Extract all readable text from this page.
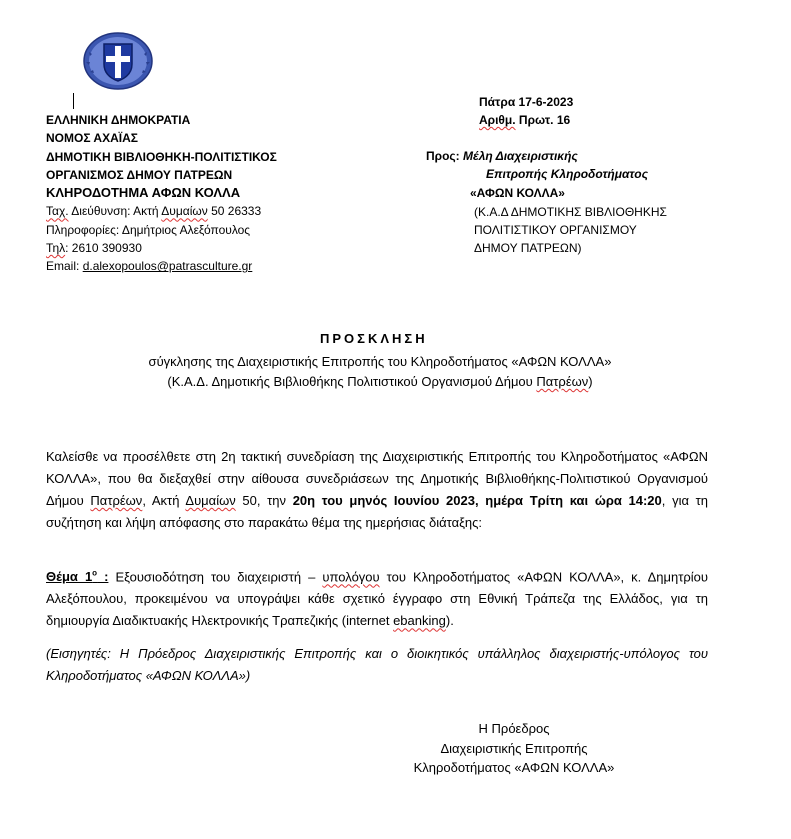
ΕΛΛΗΝΙΚΗ ΔΗΜΟΚΡΑΤΙΑ
ΝΟΜΟΣ ΑΧΑΪΑΣ
ΔΗΜΟΤΙΚΗ ΒΙΒΛΙΟΘΗΚΗ-ΠΟΛΙΤΙΣΤΙΚΟΣ
ΟΡΓΑΝΙΣΜΟΣ ΔΗΜΟΥ ΠΑΤΡΕΩΝ
ΚΛΗΡΟΔΟΤΗΜΑ ΑΦΩΝ ΚΟΛΛΑ
Ταχ. Διεύθυνση: Ακτή Δυμαίων 50 26333
Πληροφορίες: Δημήτριος Αλεξόπουλος
Τηλ: 2610 390930
Email: d.alexopoulos@patrasculture.gr
Πάτρα 17-6-2023
Αριθμ. Πρωτ. 16
Προς: Μέλη Διαχειριστικής
Επιτροπής Κληροδοτήματος
«ΑΦΩΝ ΚΟΛΛΑ»
(Κ.Α.Δ ΔΗΜΟΤΙΚΗΣ ΒΙΒΛΙΟΘΗΚΗΣ
ΠΟΛΙΤΙΣΤΙΚΟΥ ΟΡΓΑΝΙΣΜΟΥ
ΔΗΜΟΥ ΠΑΤΡΕΩΝ)
ΠΡΟΣΚΛΗΣΗ
σύγκλησης της Διαχειριστικής Επιτροπής του Κληροδοτήματος «ΑΦΩΝ ΚΟΛΛΑ»
(Κ.Α.Δ. Δημοτικής Βιβλιοθήκης Πολιτιστικού Οργανισμού Δήμου Πατρέων)
Καλείσθε να προσέλθετε στη 2η τακτική συνεδρίαση της Διαχειριστικής Επιτροπής του Κληροδοτήματος «ΑΦΩΝ ΚΟΛΛΑ», που θα διεξαχθεί στην αίθουσα συνεδριάσεων της Δημοτικής Βιβλιοθήκης-Πολιτιστικού Οργανισμού Δήμου Πατρέων, Ακτή Δυμαίων 50, την 20η του μηνός Ιουνίου 2023, ημέρα Τρίτη και ώρα 14:20, για τη συζήτηση και λήψη απόφασης στο παρακάτω θέμα της ημερήσιας διάταξης:
Θέμα $1^o$ : Εξουσιοδότηση του διαχειριστή – υπολόγου του Κληροδοτήματος «ΑΦΩΝ ΚΟΛΛΑ», κ. Δημητρίου Αλεξόπουλου, προκειμένου να υπογράψει κάθε σχετικό έγγραφο στη Εθνική Τράπεζα της Ελλάδος, για τη δημιουργία Διαδικτυακής Ηλεκτρονικής Τραπεζικής (internet ebanking).
(Εισηγητές: Η Πρόεδρος Διαχειριστικής Επιτροπής και ο διοικητικός υπάλληλος διαχειριστής-υπόλογος του Κληροδοτήματος «ΑΦΩΝ ΚΟΛΛΑ»)
Η Πρόεδρος
Διαχειριστικής Επιτροπής
Κληροδοτήματος «ΑΦΩΝ ΚΟΛΛΑ»
